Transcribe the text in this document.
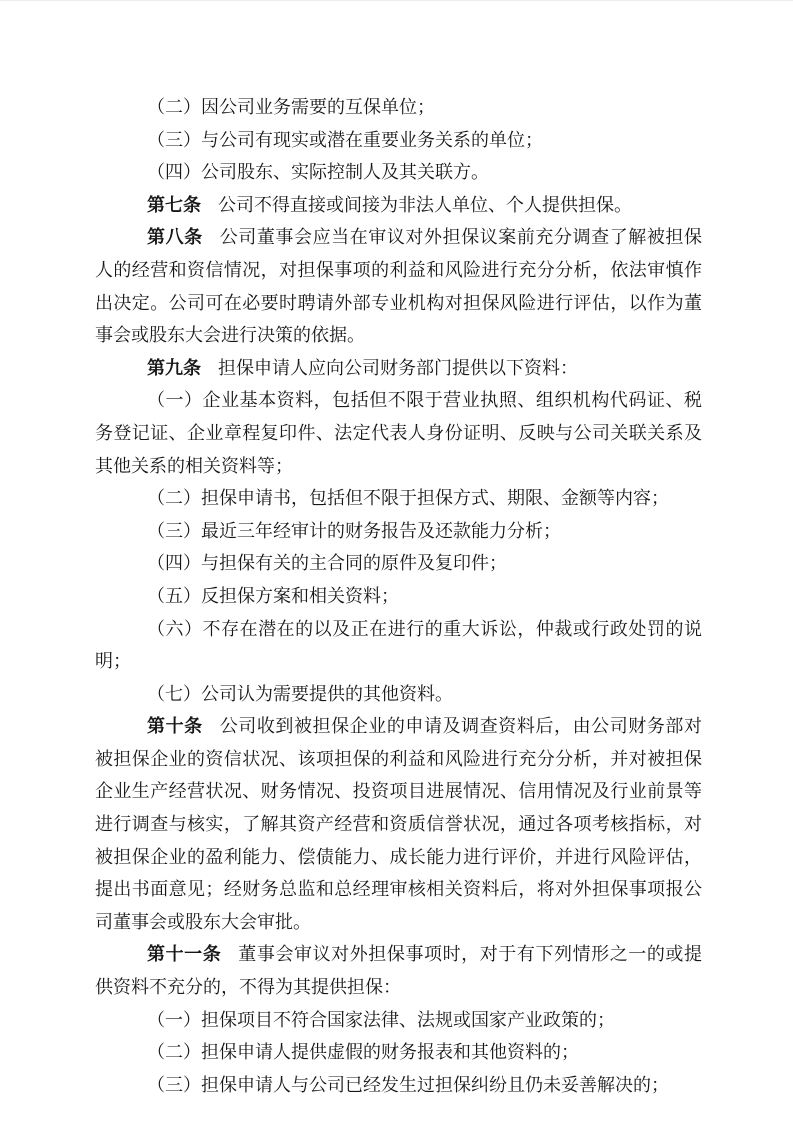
（二）因公司业务需要的互保单位；

（三）与公司有现实或潜在重要业务关系的单位；

（四）公司股东、实际控制人及其关联方。

第七条 公司不得直接或间接为非法人单位、个人提供担保。

第八条 公司董事会应当在审议对外担保议案前充分调查了解被担保人的经营和资信情况，对担保事项的利益和风险进行充分分析，依法审慎作出决定。公司可在必要时聘请外部专业机构对担保风险进行评估，以作为董事会或股东大会进行决策的依据。

第九条 担保申请人应向公司财务部门提供以下资料：

（一）企业基本资料，包括但不限于营业执照、组织机构代码证、税务登记证、企业章程复印件、法定代表人身份证明、反映与公司关联关系及其他关系的相关资料等；

（二）担保申请书，包括但不限于担保方式、期限、金额等内容；

（三）最近三年经审计的财务报告及还款能力分析；

（四）与担保有关的主合同的原件及复印件；

（五）反担保方案和相关资料；

（六）不存在潜在的以及正在进行的重大诉讼，仲裁或行政处罚的说明；

（七）公司认为需要提供的其他资料。

第十条 公司收到被担保企业的申请及调查资料后，由公司财务部对被担保企业的资信状况、该项担保的利益和风险进行充分分析，并对被担保企业生产经营状况、财务情况、投资项目进展情况、信用情况及行业前景等进行调查与核实，了解其资产经营和资质信誉状况，通过各项考核指标，对被担保企业的盈利能力、偿债能力、成长能力进行评价，并进行风险评估，提出书面意见；经财务总监和总经理审核相关资料后，将对外担保事项报公司董事会或股东大会审批。

第十一条 董事会审议对外担保事项时，对于有下列情形之一的或提供资料不充分的，不得为其提供担保：

（一）担保项目不符合国家法律、法规或国家产业政策的；

（二）担保申请人提供虚假的财务报表和其他资料的；

（三）担保申请人与公司已经发生过担保纠纷且仍未妥善解决的；
